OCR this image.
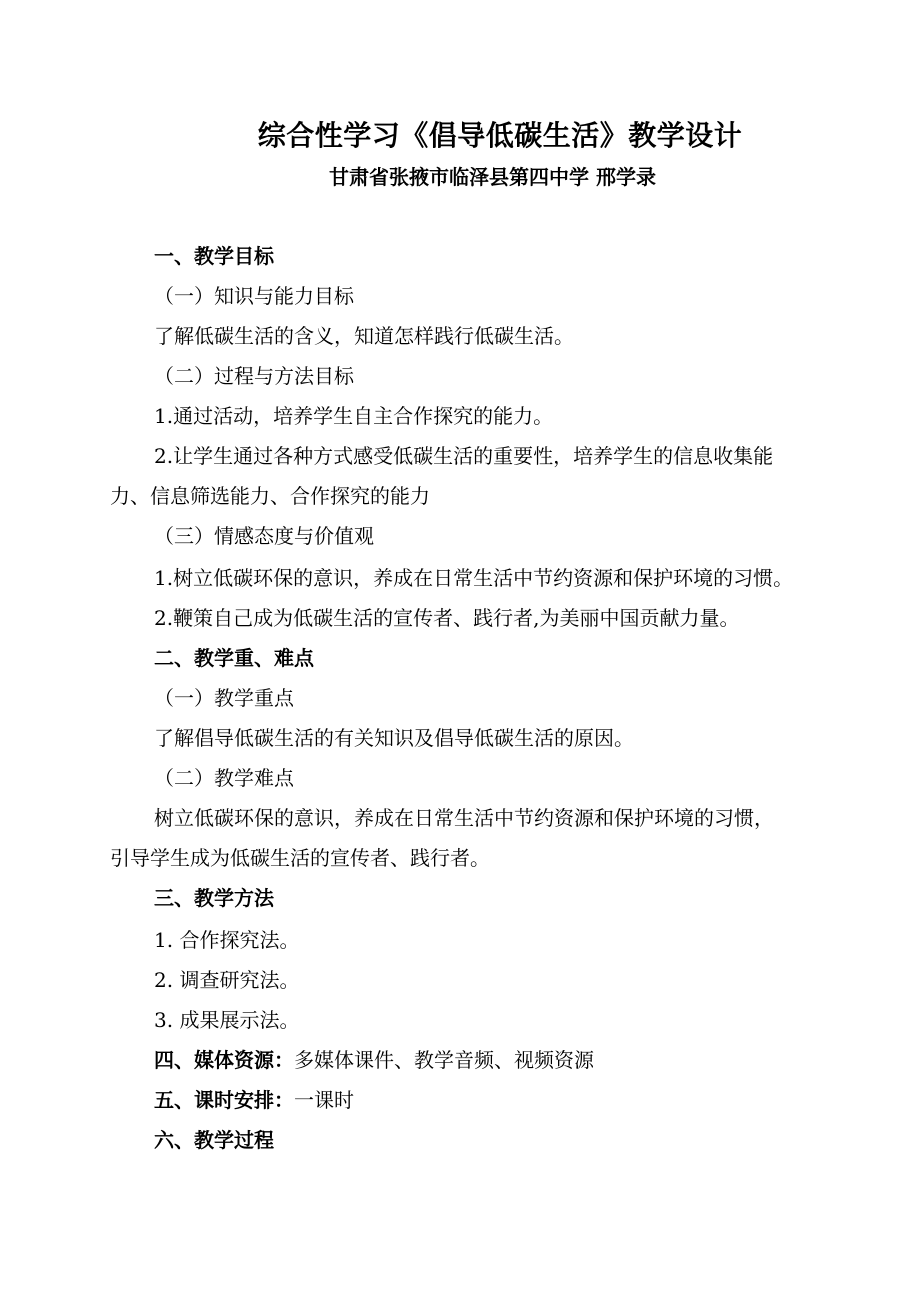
综合性学习《倡导低碳生活》教学设计
甘肃省张掖市临泽县第四中学 邢学录
一、教学目标
（一）知识与能力目标
了解低碳生活的含义，知道怎样践行低碳生活。
（二）过程与方法目标
1.通过活动，培养学生自主合作探究的能力。
2.让学生通过各种方式感受低碳生活的重要性，培养学生的信息收集能
力、信息筛选能力、合作探究的能力
（三）情感态度与价值观
1.树立低碳环保的意识，养成在日常生活中节约资源和保护环境的习惯。
2.鞭策自己成为低碳生活的宣传者、践行者,为美丽中国贡献力量。
二、教学重、难点
（一）教学重点
了解倡导低碳生活的有关知识及倡导低碳生活的原因。
（二）教学难点
树立低碳环保的意识，养成在日常生活中节约资源和保护环境的习惯，
引导学生成为低碳生活的宣传者、践行者。
三、教学方法
1. 合作探究法。
2. 调查研究法。
3. 成果展示法。
四、媒体资源：多媒体课件、教学音频、视频资源
五、课时安排：一课时
六、教学过程
